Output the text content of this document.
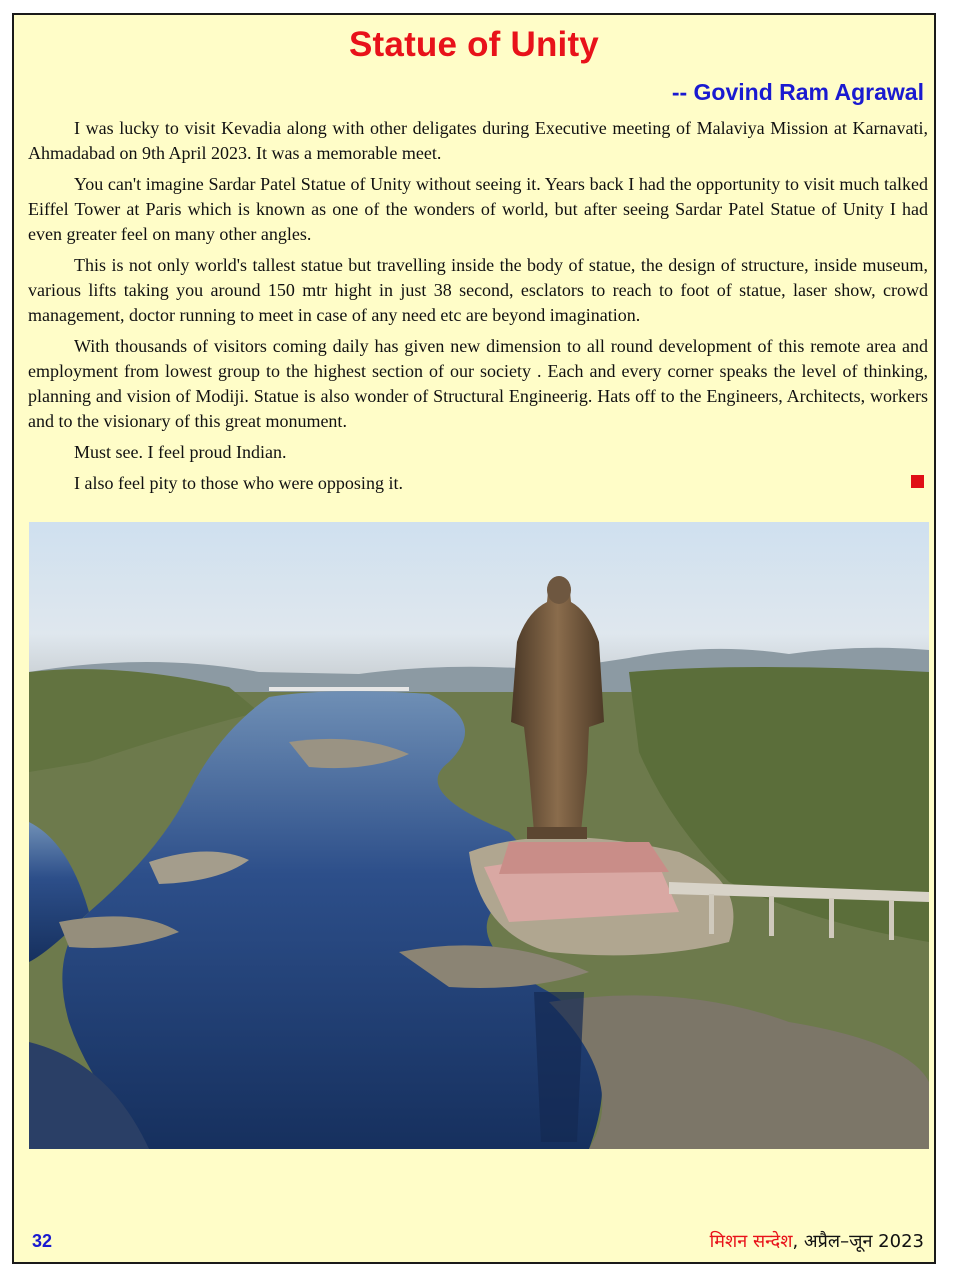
Statue of Unity
-- Govind Ram Agrawal

I was lucky to visit Kevadia along with other deligates during Executive meeting of Malaviya Mission at Karnavati, Ahmadabad on 9th April 2023. It was a memorable meet.

You can't imagine Sardar Patel Statue of Unity without seeing it. Years back I had the opportunity to visit much talked Eiffel Tower at Paris which is known as one of the wonders of world, but after seeing Sardar Patel Statue of Unity I had even greater feel on many other angles.

This is not only world's tallest statue but travelling inside the body of statue, the design of structure, inside museum, various lifts taking you around 150 mtr hight in just 38 second, esclators to reach to foot of statue, laser show, crowd management, doctor running to meet in case of any need etc are beyond imagination.

With thousands of visitors coming daily has given new dimension to all round development of this remote area and employment from lowest group to the highest section of our society . Each and every corner speaks the level of thinking, planning and vision of Modiji. Statue is also wonder of Structural Engineerig. Hats off to the Engineers, Architects, workers and to the visionary of this great monument.

Must see. I feel proud Indian.

I also feel pity to those who were opposing it.

32	मिशन सन्देश, अप्रैल–जून 2023
